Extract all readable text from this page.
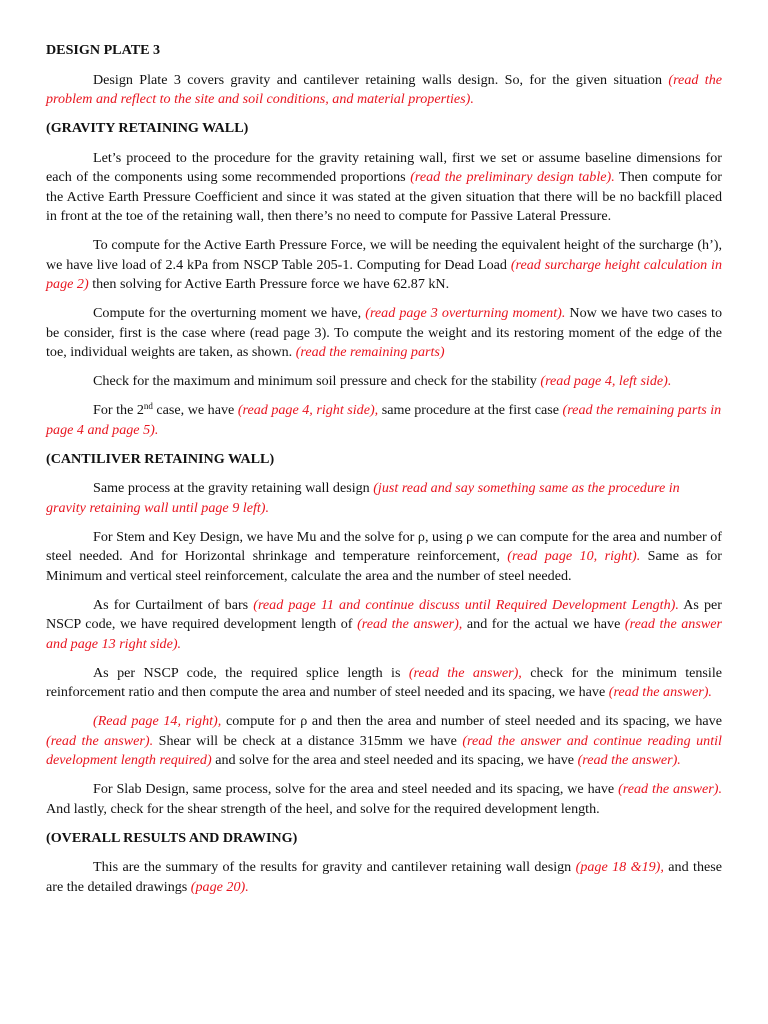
DESIGN PLATE 3

Design Plate 3 covers gravity and cantilever retaining walls design. So, for the given situation (read the problem and reflect to the site and soil conditions, and material properties).

(GRAVITY RETAINING WALL)

Let’s proceed to the procedure for the gravity retaining wall, first we set or assume baseline dimensions for each of the components using some recommended proportions (read the preliminary design table). Then compute for the Active Earth Pressure Coefficient and since it was stated at the given situation that there will be no backfill placed in front at the toe of the retaining wall, then there’s no need to compute for Passive Lateral Pressure.

To compute for the Active Earth Pressure Force, we will be needing the equivalent height of the surcharge (h’), we have live load of 2.4 kPa from NSCP Table 205-1. Computing for Dead Load (read surcharge height calculation in page 2) then solving for Active Earth Pressure force we have 62.87 kN.

Compute for the overturning moment we have, (read page 3 overturning moment). Now we have two cases to be consider, first is the case where (read page 3). To compute the weight and its restoring moment of the edge of the toe, individual weights are taken, as shown. (read the remaining parts)

Check for the maximum and minimum soil pressure and check for the stability (read page 4, left side).

For the 2nd case, we have (read page 4, right side), same procedure at the first case (read the remaining parts in page 4 and page 5).

(CANTILIVER RETAINING WALL)

Same process at the gravity retaining wall design (just read and say something same as the procedure in gravity retaining wall until page 9 left).

For Stem and Key Design, we have Mu and the solve for ρ, using ρ we can compute for the area and number of steel needed. And for Horizontal shrinkage and temperature reinforcement, (read page 10, right). Same as for Minimum and vertical steel reinforcement, calculate the area and the number of steel needed.

As for Curtailment of bars (read page 11 and continue discuss until Required Development Length). As per NSCP code, we have required development length of (read the answer), and for the actual we have (read the answer and page 13 right side).

As per NSCP code, the required splice length is (read the answer), check for the minimum tensile reinforcement ratio and then compute the area and number of steel needed and its spacing, we have (read the answer).

(Read page 14, right), compute for ρ and then the area and number of steel needed and its spacing, we have (read the answer). Shear will be check at a distance 315mm we have (read the answer and continue reading until development length required) and solve for the area and steel needed and its spacing, we have (read the answer).

For Slab Design, same process, solve for the area and steel needed and its spacing, we have (read the answer). And lastly, check for the shear strength of the heel, and solve for the required development length.

(OVERALL RESULTS AND DRAWING)

This are the summary of the results for gravity and cantilever retaining wall design (page 18 &19), and these are the detailed drawings (page 20).
